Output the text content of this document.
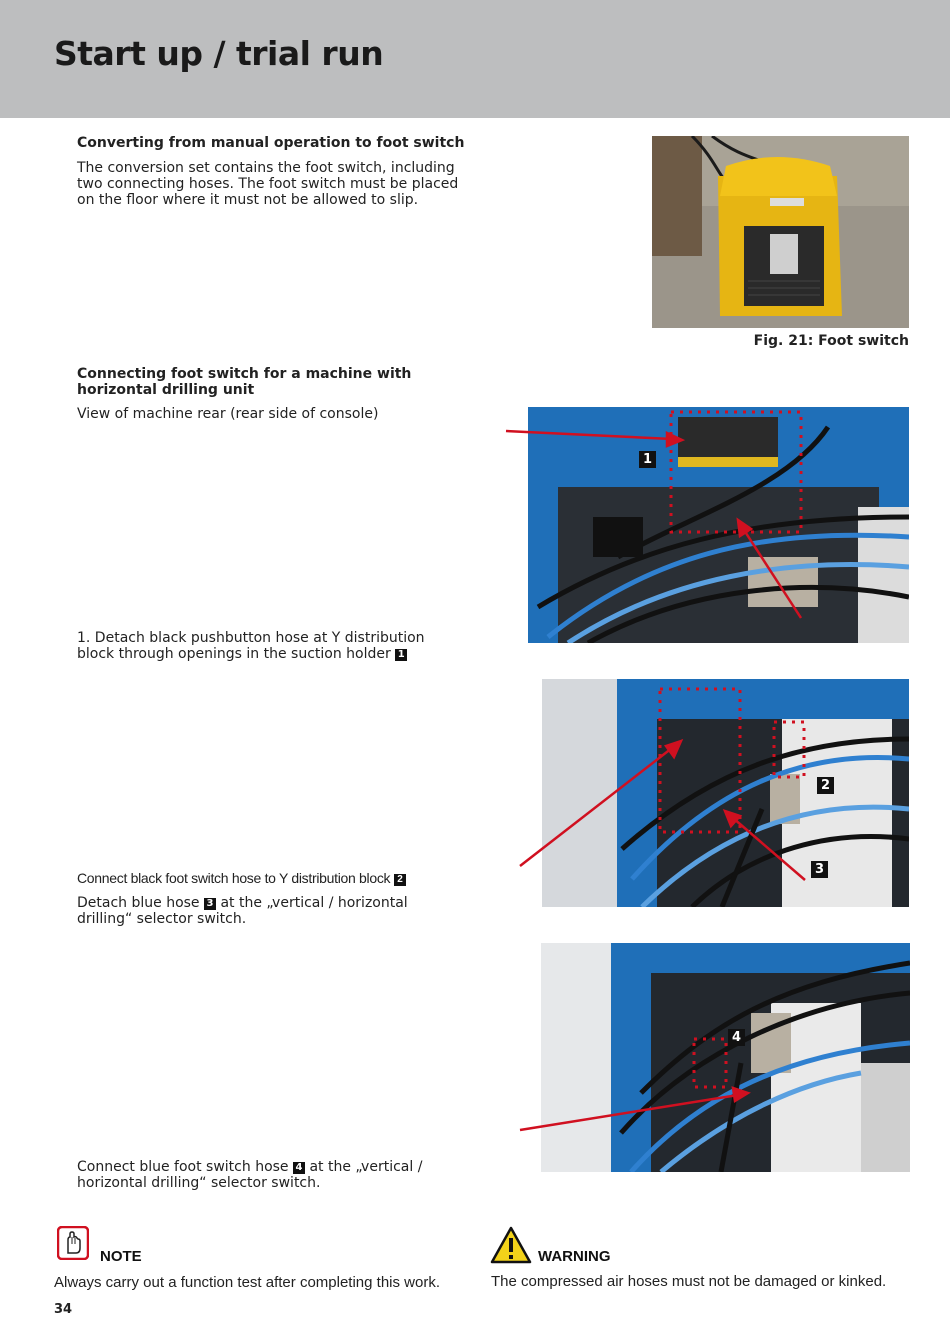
Start up / trial run
Converting from manual operation to foot switch
The conversion set contains the foot switch, including two connecting hoses. The foot switch must be placed on the floor where it must not be allowed to slip.
Fig. 21: Foot switch
Connecting foot switch for a machine with horizontal drilling unit
View of machine rear (rear side of console)
1
2
3
4
1. Detach black pushbutton hose at Y distribution block through openings in the suction holder 1
Connect black foot switch hose to Y distribution block 2
Detach blue hose 3 at the „vertical / horizontal drilling“ selector switch.
Connect blue foot switch hose 4 at the „vertical / horizontal drilling“ selector switch.
NOTE
Always carry out a function test after completing this work.
WARNING
The compressed air hoses must not be damaged or kinked.
34
